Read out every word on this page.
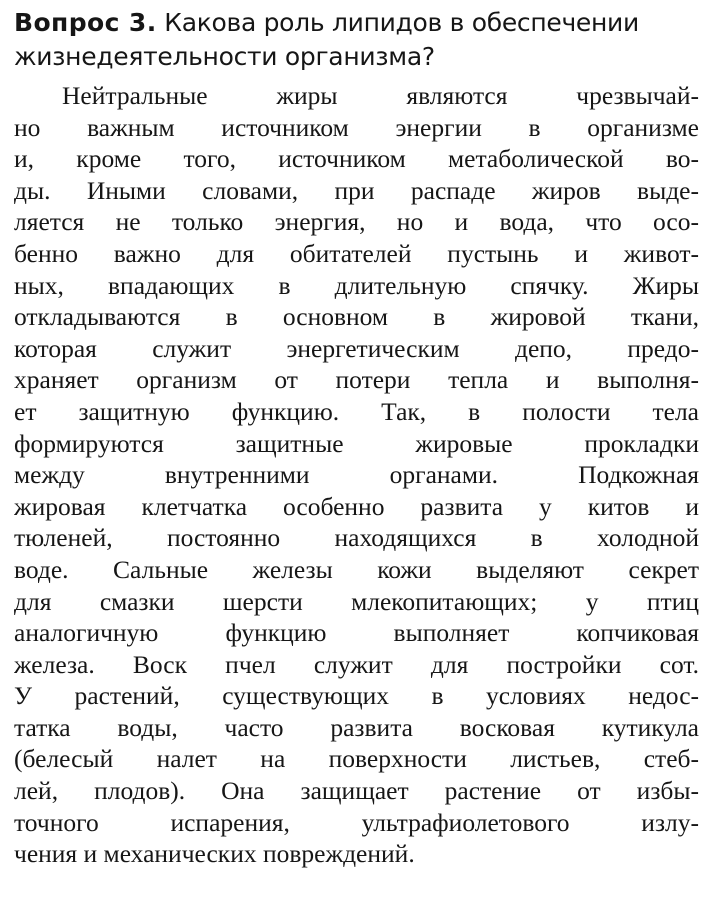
Вопрос 3. Какова роль липидов в обеспечении
жизнедеятельности организма?
Нейтральные жиры являются чрезвычай-
но важным источником энергии в организме
и, кроме того, источником метаболической во-
ды. Иными словами, при распаде жиров выде-
ляется не только энергия, но и вода, что осо-
бенно важно для обитателей пустынь и живот-
ных, впадающих в длительную спячку. Жиры
откладываются в основном в жировой ткани,
которая служит энергетическим депо, предо-
храняет организм от потери тепла и выполня-
ет защитную функцию. Так, в полости тела
формируются защитные жировые прокладки
между внутренними органами. Подкожная
жировая клетчатка особенно развита у китов и
тюленей, постоянно находящихся в холодной
воде. Сальные железы кожи выделяют секрет
для смазки шерсти млекопитающих; у птиц
аналогичную функцию выполняет копчиковая
железа. Воск пчел служит для постройки сот.
У растений, существующих в условиях недос-
татка воды, часто развита восковая кутикула
(белесый налет на поверхности листьев, стеб-
лей, плодов). Она защищает растение от избы-
точного испарения, ультрафиолетового излу-
чения и механических повреждений.
